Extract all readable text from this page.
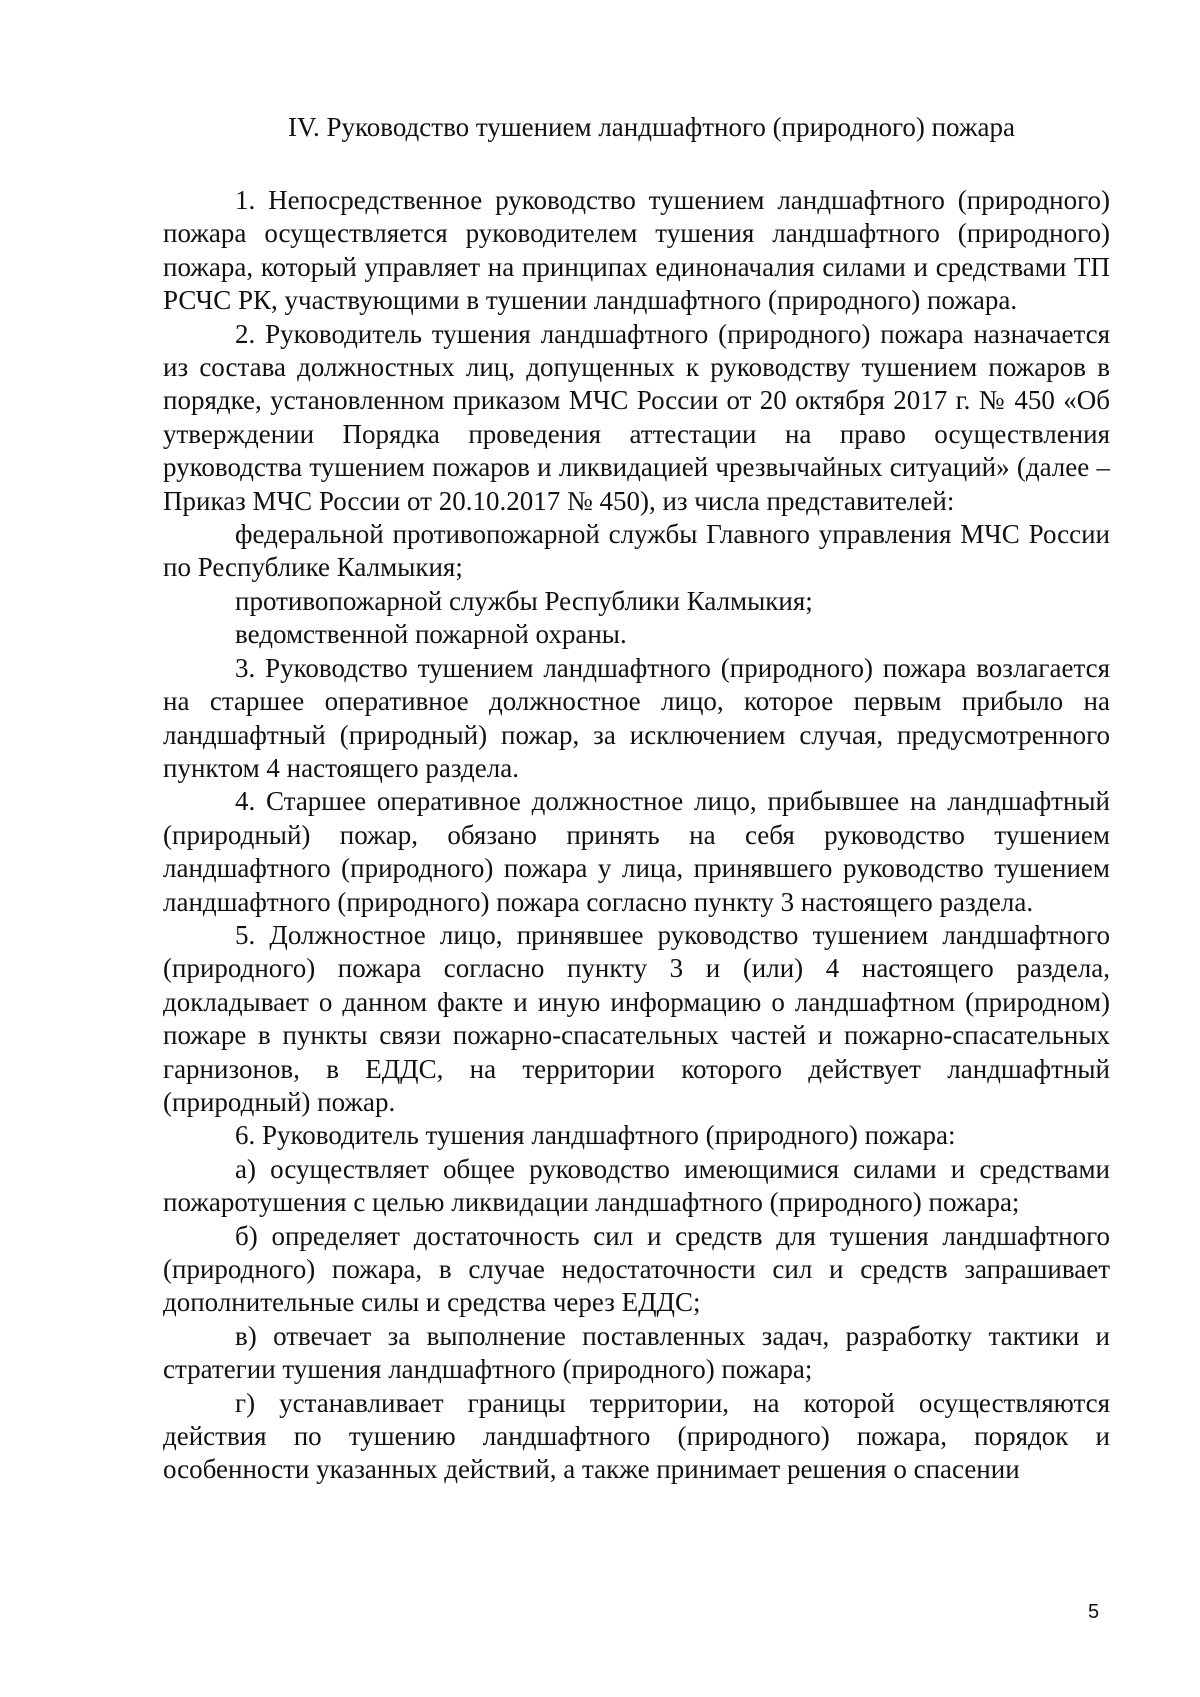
IV. Руководство тушением ландшафтного (природного) пожара

1. Непосредственное руководство тушением ландшафтного (природного) пожара осуществляется руководителем тушения ландшафтного (природного) пожара, который управляет на принципах единоначалия силами и средствами ТП РСЧС РК, участвующими в тушении ландшафтного (природного) пожара.

2. Руководитель тушения ландшафтного (природного) пожара назначается из состава должностных лиц, допущенных к руководству тушением пожаров в порядке, установленном приказом МЧС России от 20 октября 2017 г. № 450 «Об утверждении Порядка проведения аттестации на право осуществления руководства тушением пожаров и ликвидацией чрезвычайных ситуаций» (далее – Приказ МЧС России от 20.10.2017 № 450), из числа представителей:

федеральной противопожарной службы Главного управления МЧС России по Республике Калмыкия;

противопожарной службы Республики Калмыкия;

ведомственной пожарной охраны.

3. Руководство тушением ландшафтного (природного) пожара возлагается на старшее оперативное должностное лицо, которое первым прибыло на ландшафтный (природный) пожар, за исключением случая, предусмотренного пунктом 4 настоящего раздела.

4. Старшее оперативное должностное лицо, прибывшее на ландшафтный (природный) пожар, обязано принять на себя руководство тушением ландшафтного (природного) пожара у лица, принявшего руководство тушением ландшафтного (природного) пожара согласно пункту 3 настоящего раздела.

5. Должностное лицо, принявшее руководство тушением ландшафтного (природного) пожара согласно пункту 3 и (или) 4 настоящего раздела, докладывает о данном факте и иную информацию о ландшафтном (природном) пожаре в пункты связи пожарно-спасательных частей и пожарно-спасательных гарнизонов, в ЕДДС, на территории которого действует ландшафтный (природный) пожар.

6. Руководитель тушения ландшафтного (природного) пожара:

а) осуществляет общее руководство имеющимися силами и средствами пожаротушения с целью ликвидации ландшафтного (природного) пожара;

б) определяет достаточность сил и средств для тушения ландшафтного (природного) пожара, в случае недостаточности сил и средств запрашивает дополнительные силы и средства через ЕДДС;

в) отвечает за выполнение поставленных задач, разработку тактики и стратегии тушения ландшафтного (природного) пожара;

г) устанавливает границы территории, на которой осуществляются действия по тушению ландшафтного (природного) пожара, порядок и особенности указанных действий, а также принимает решения о спасении

5
